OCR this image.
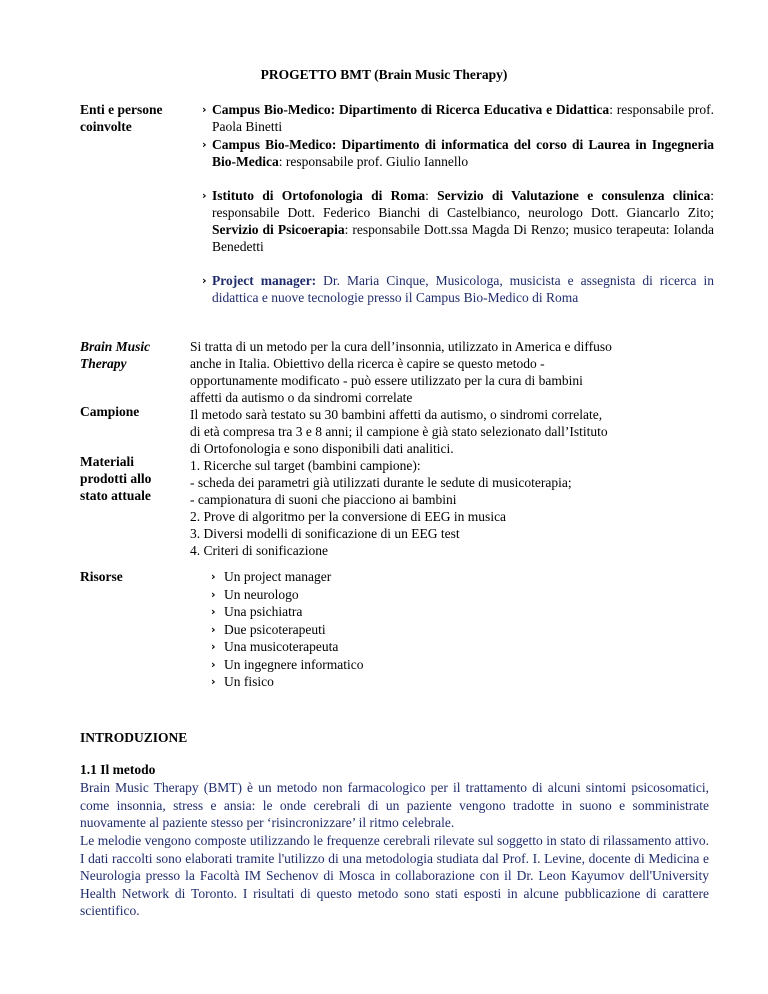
PROGETTO BMT (Brain Music Therapy)
Enti e persone
coinvolte
Brain Music
Therapy
Campione
Materiali
prodotti allo
stato attuale
Risorse
› Campus Bio-Medico: Dipartimento di Ricerca Educativa e Didattica: responsabile prof. Paola Binetti
› Campus Bio-Medico: Dipartimento di informatica del corso di Laurea in Ingegneria Bio-Medica: responsabile prof. Giulio Iannello
› Istituto di Ortofonologia di Roma: Servizio di Valutazione e consulenza clinica: responsabile Dott. Federico Bianchi di Castelbianco, neurologo Dott. Giancarlo Zito; Servizio di Psicoerapia: responsabile Dott.ssa Magda Di Renzo; musico terapeuta: Iolanda Benedetti
› Project manager: Dr. Maria Cinque, Musicologa, musicista e assegnista di ricerca in didattica e nuove tecnologie presso il Campus Bio-Medico di Roma
Si tratta di un metodo per la cura dell’insonnia, utilizzato in America e diffuso
anche in Italia. Obiettivo della ricerca è capire se questo metodo -
opportunamente modificato - può essere utilizzato per la cura di bambini
affetti da autismo o da sindromi correlate
Il metodo sarà testato su 30 bambini affetti da autismo, o sindromi correlate,
di età compresa tra 3 e 8 anni; il campione è già stato selezionato dall’Istituto
di Ortofonologia e sono disponibili dati analitici.
1. Ricerche sul target (bambini campione):
- scheda dei parametri già utilizzati durante le sedute di musicoterapia;
- campionatura di suoni che piacciono ai bambini
2. Prove di algoritmo per la conversione di EEG in musica
3. Diversi modelli di sonificazione di un EEG test
4. Criteri di sonificazione
› Un project manager
› Un neurologo
› Una psichiatra
› Due psicoterapeuti
› Una musicoterapeuta
› Un ingegnere informatico
› Un fisico
INTRODUZIONE
1.1 Il metodo
Brain Music Therapy (BMT) è un metodo non farmacologico per il trattamento di alcuni sintomi psicosomatici, come insonnia, stress e ansia: le onde cerebrali di un paziente vengono tradotte in suono e somministrate nuovamente al paziente stesso per ‘risincronizzare’ il ritmo celebrale.
Le melodie vengono composte utilizzando le frequenze cerebrali rilevate sul soggetto in stato di rilassamento attivo. I dati raccolti sono elaborati tramite l'utilizzo di una metodologia studiata dal Prof. I. Levine, docente di Medicina e Neurologia presso la Facoltà IM Sechenov di Mosca in collaborazione con il Dr. Leon Kayumov dell'University Health Network di Toronto. I risultati di questo metodo sono stati esposti in alcune pubblicazione di carattere scientifico.
